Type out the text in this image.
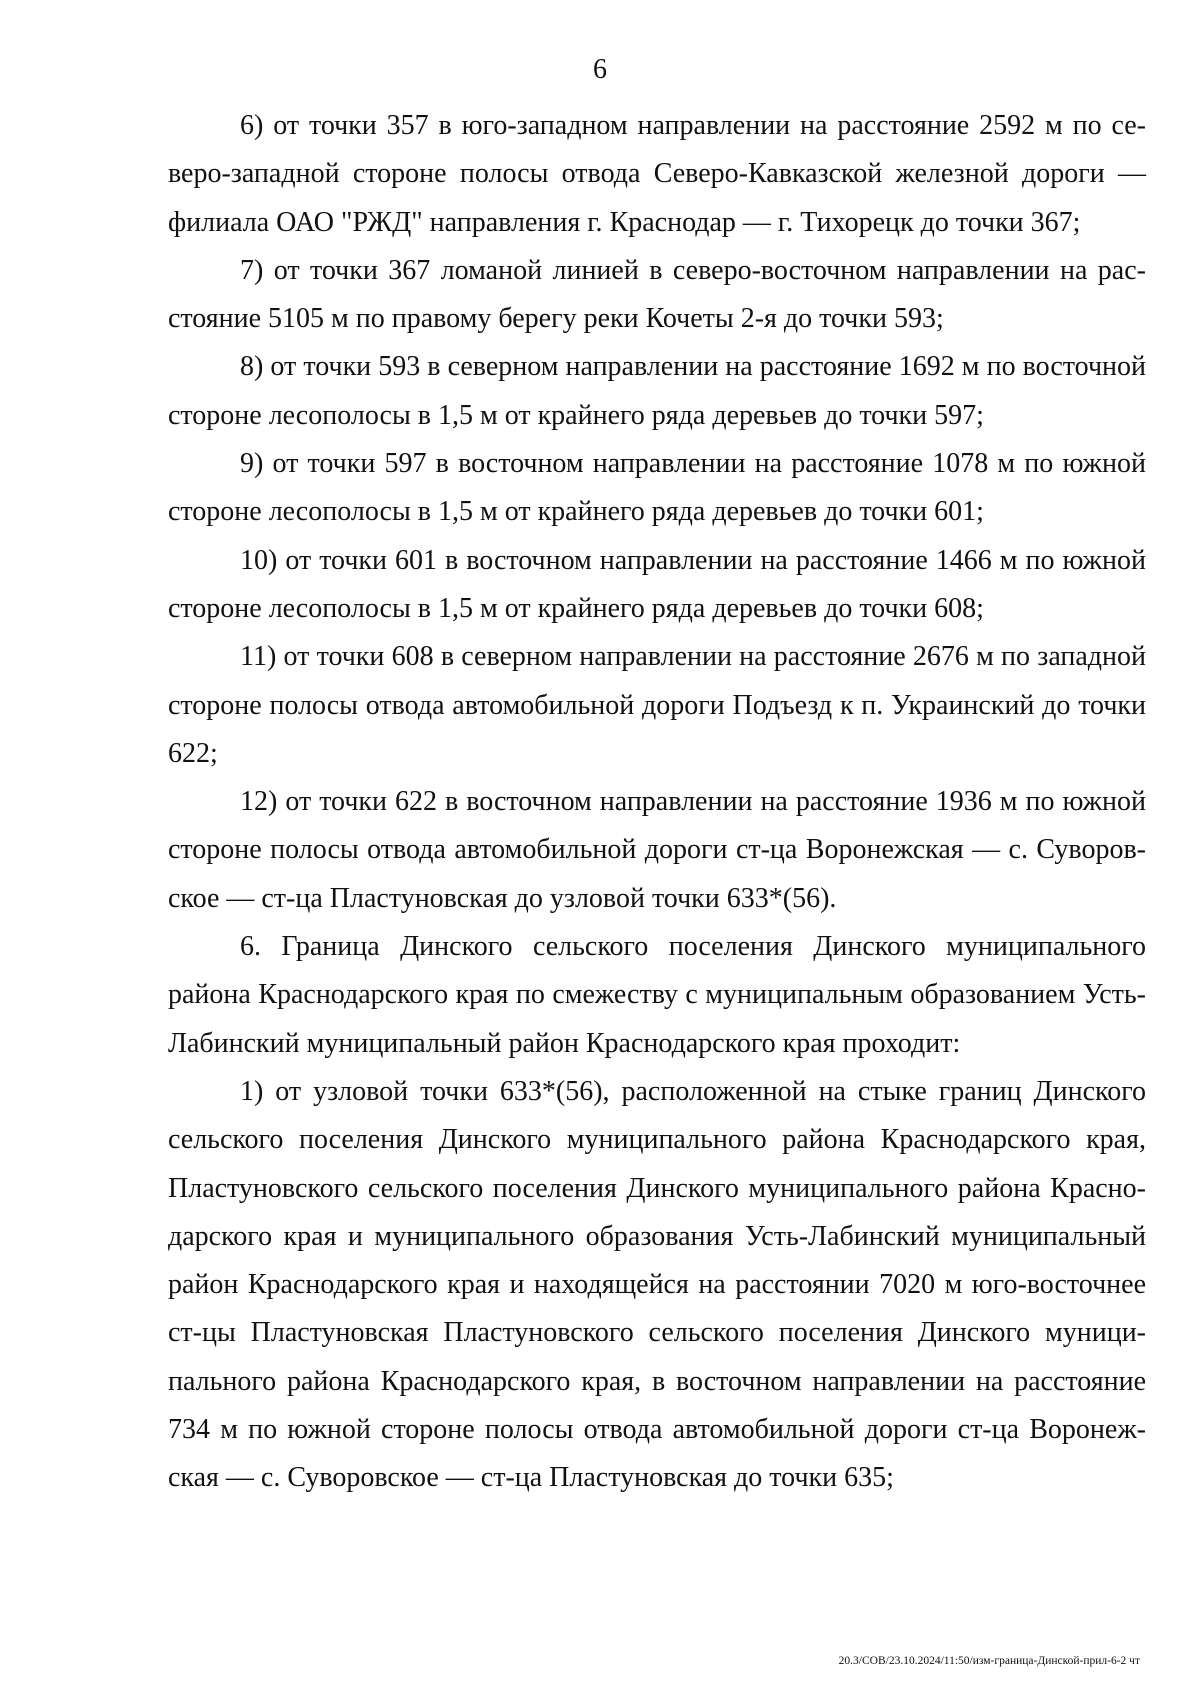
6

6) от точки 357 в юго-западном направлении на расстояние 2592 м по северо-западной стороне полосы отвода Северо-Кавказской железной дороги — филиала ОАО "РЖД" направления г. Краснодар — г. Тихорецк до точки 367;

7) от точки 367 ломаной линией в северо-восточном направлении на расстояние 5105 м по правому берегу реки Кочеты 2-я до точки 593;

8) от точки 593 в северном направлении на расстояние 1692 м по восточной стороне лесополосы в 1,5 м от крайнего ряда деревьев до точки 597;

9) от точки 597 в восточном направлении на расстояние 1078 м по южной стороне лесополосы в 1,5 м от крайнего ряда деревьев до точки 601;

10) от точки 601 в восточном направлении на расстояние 1466 м по южной стороне лесополосы в 1,5 м от крайнего ряда деревьев до точки 608;

11) от точки 608 в северном направлении на расстояние 2676 м по западной стороне полосы отвода автомобильной дороги Подъезд к п. Украинский до точки 622;

12) от точки 622 в восточном направлении на расстояние 1936 м по южной стороне полосы отвода автомобильной дороги ст-ца Воронежская — с. Суворовское — ст-ца Пластуновская до узловой точки 633*(56).

6. Граница Динского сельского поселения Динского муниципального района Краснодарского края по смежеству с муниципальным образованием Усть-Лабинский муниципальный район Краснодарского края проходит:

1) от узловой точки 633*(56), расположенной на стыке границ Динского сельского поселения Динского муниципального района Краснодарского края, Пластуновского сельского поселения Динского муниципального района Краснодарского края и муниципального образования Усть-Лабинский муниципальный район Краснодарского края и находящейся на расстоянии 7020 м юго-восточнее ст-цы Пластуновская Пластуновского сельского поселения Динского муниципального района Краснодарского края, в восточном направлении на расстояние 734 м по южной стороне полосы отвода автомобильной дороги ст-ца Воронежская — с. Суворовское — ст-ца Пластуновская до точки 635;

20.3/СОВ/23.10.2024/11:50/изм-граница-Динской-прил-6-2 чт
